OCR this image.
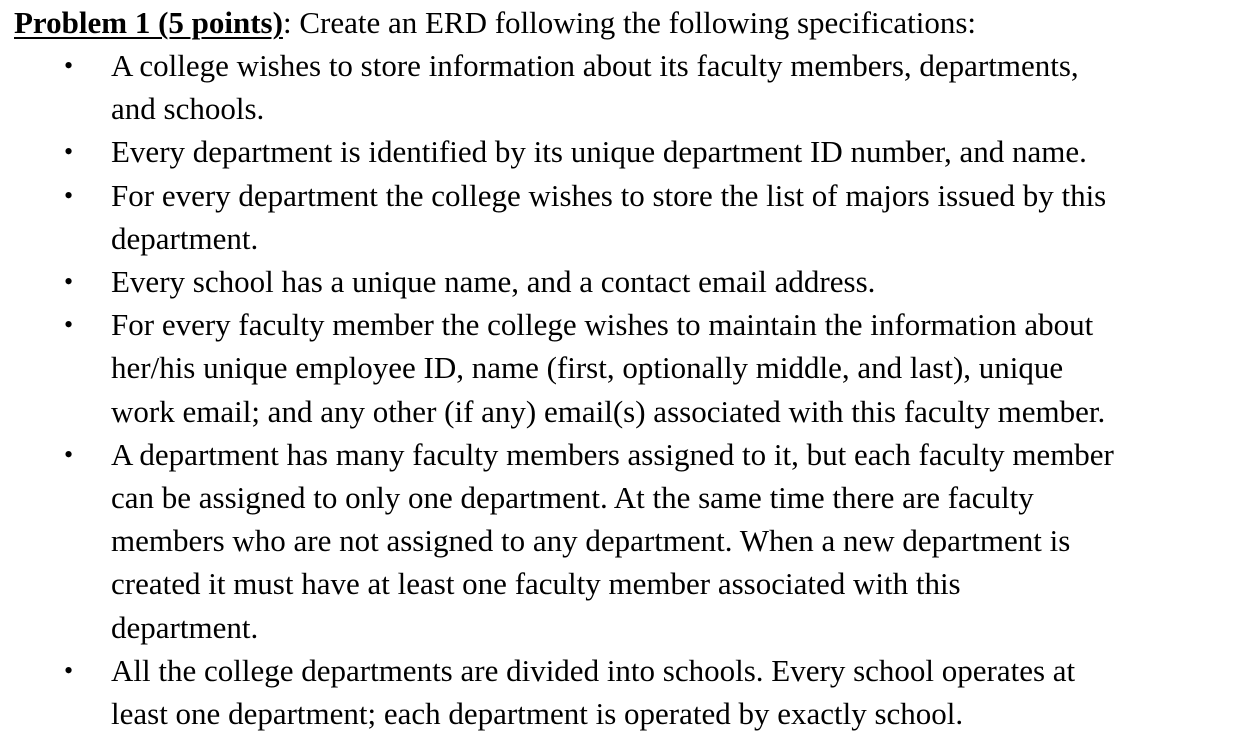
Problem 1 (5 points): Create an ERD following the following specifications:
• A college wishes to store information about its faculty members, departments,
and schools.
• Every department is identified by its unique department ID number, and name.
• For every department the college wishes to store the list of majors issued by this
department.
• Every school has a unique name, and a contact email address.
• For every faculty member the college wishes to maintain the information about
her/his unique employee ID, name (first, optionally middle, and last), unique
work email; and any other (if any) email(s) associated with this faculty member.
• A department has many faculty members assigned to it, but each faculty member
can be assigned to only one department. At the same time there are faculty
members who are not assigned to any department. When a new department is
created it must have at least one faculty member associated with this
department.
• All the college departments are divided into schools. Every school operates at
least one department; each department is operated by exactly school.
